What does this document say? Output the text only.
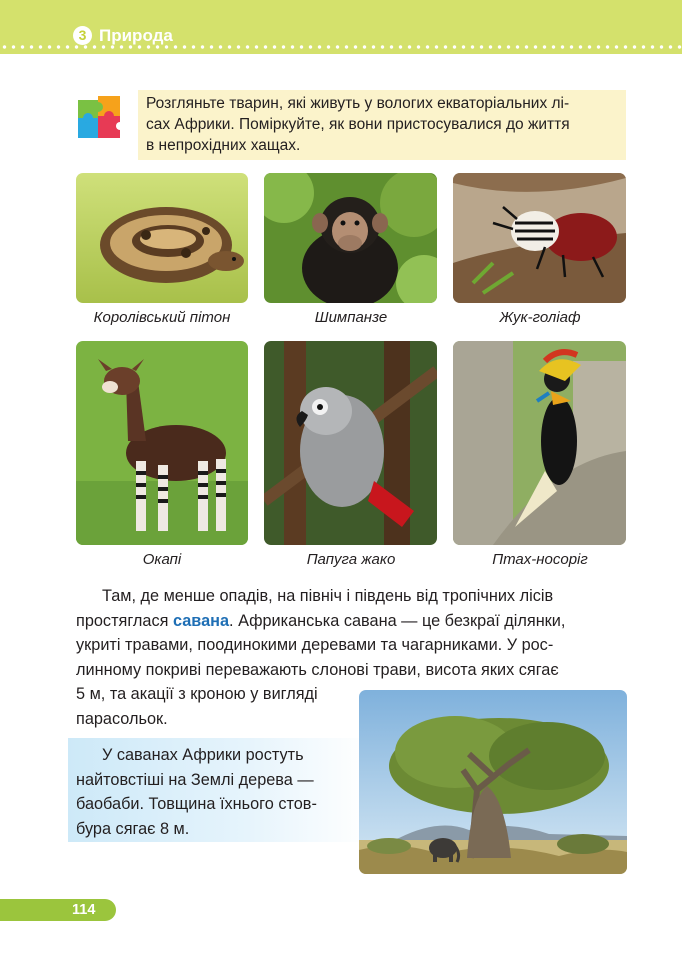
3 Природа

Розгляньте тварин, які живуть у вологих екваторіальних лі-
сах Африки. Поміркуйте, як вони пристосувалися до життя
в непрохідних хащах.

Королівський пітон	Шимпанзе	Жук-голіаф
Окапі	Папуга жако	Птах-носоріг

Там, де менше опадів, на північ і південь від тропічних лісів
простяглася савана. Африканська савана — це безкраї ділянки,
укриті травами, поодинокими деревами та чагарниками. У рос-
линному покриві переважають слонові трави, висота яких сягає
5 м, та акації з кроною у вигляді
парасольок.

У саванах Африки ростуть
найтовстіші на Землі дерева —
баобаби. Товщина їхнього стов-
бура сягає 8 м.

114
